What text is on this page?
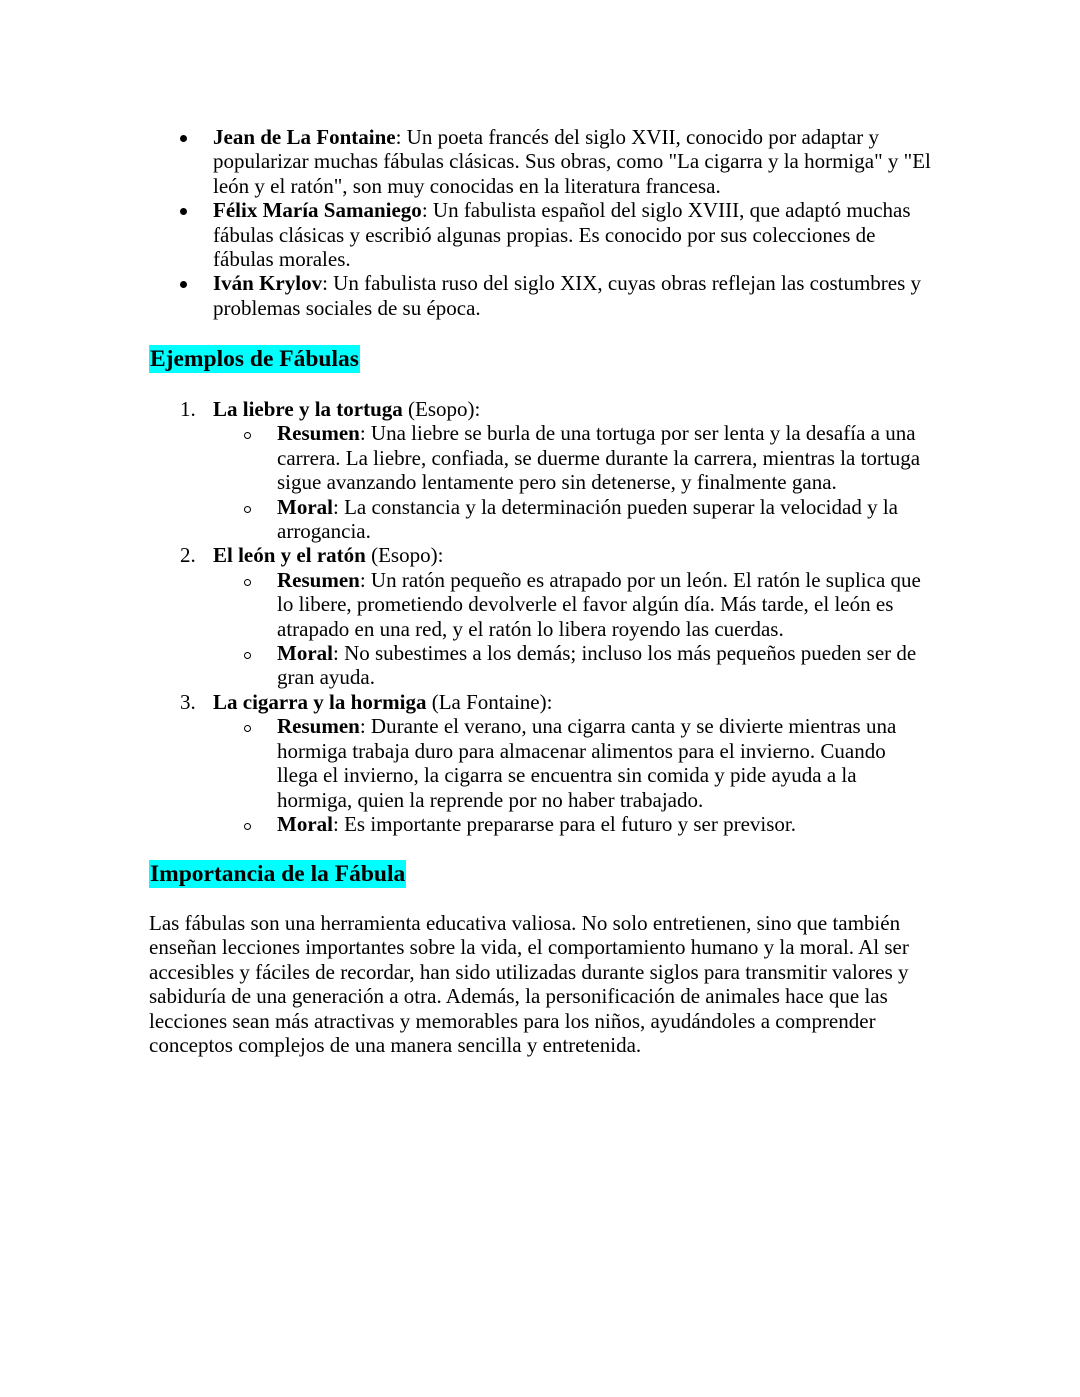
Jean de La Fontaine: Un poeta francés del siglo XVII, conocido por adaptar y popularizar muchas fábulas clásicas. Sus obras, como "La cigarra y la hormiga" y "El león y el ratón", son muy conocidas en la literatura francesa.
Félix María Samaniego: Un fabulista español del siglo XVIII, que adaptó muchas fábulas clásicas y escribió algunas propias. Es conocido por sus colecciones de fábulas morales.
Iván Krylov: Un fabulista ruso del siglo XIX, cuyas obras reflejan las costumbres y problemas sociales de su época.
Ejemplos de Fábulas
1. La liebre y la tortuga (Esopo):
Resumen: Una liebre se burla de una tortuga por ser lenta y la desafía a una carrera. La liebre, confiada, se duerme durante la carrera, mientras la tortuga sigue avanzando lentamente pero sin detenerse, y finalmente gana.
Moral: La constancia y la determinación pueden superar la velocidad y la arrogancia.
2. El león y el ratón (Esopo):
Resumen: Un ratón pequeño es atrapado por un león. El ratón le suplica que lo libere, prometiendo devolverle el favor algún día. Más tarde, el león es atrapado en una red, y el ratón lo libera royendo las cuerdas.
Moral: No subestimes a los demás; incluso los más pequeños pueden ser de gran ayuda.
3. La cigarra y la hormiga (La Fontaine):
Resumen: Durante el verano, una cigarra canta y se divierte mientras una hormiga trabaja duro para almacenar alimentos para el invierno. Cuando llega el invierno, la cigarra se encuentra sin comida y pide ayuda a la hormiga, quien la reprende por no haber trabajado.
Moral: Es importante prepararse para el futuro y ser previsor.
Importancia de la Fábula
Las fábulas son una herramienta educativa valiosa. No solo entretienen, sino que también enseñan lecciones importantes sobre la vida, el comportamiento humano y la moral. Al ser accesibles y fáciles de recordar, han sido utilizadas durante siglos para transmitir valores y sabiduría de una generación a otra. Además, la personificación de animales hace que las lecciones sean más atractivas y memorables para los niños, ayudándoles a comprender conceptos complejos de una manera sencilla y entretenida.
